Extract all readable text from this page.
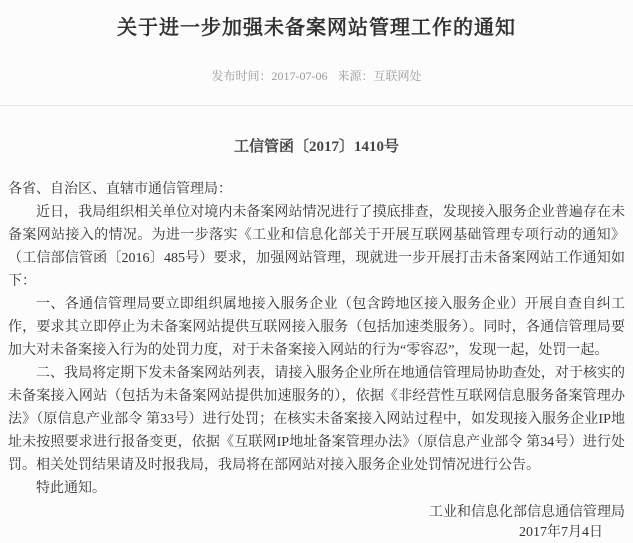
关于进一步加强未备案网站管理工作的通知
发布时间：2017-07-06 来源：互联网处
工信管函〔2017〕1410号

各省、自治区、直辖市通信管理局：

近日，我局组织相关单位对境内未备案网站情况进行了摸底排查，发现接入服务企业普遍存在未备案网站接入的情况。为进一步落实《工业和信息化部关于开展互联网基础管理专项行动的通知》（工信部信管函〔2016〕485号）要求，加强网站管理，现就进一步开展打击未备案网站工作通知如下：

一、各通信管理局要立即组织属地接入服务企业（包含跨地区接入服务企业）开展自查自纠工作，要求其立即停止为未备案网站提供互联网接入服务（包括加速类服务）。同时，各通信管理局要加大对未备案接入行为的处罚力度，对于未备案接入网站的行为“零容忍”，发现一起，处罚一起。

二、我局将定期下发未备案网站列表，请接入服务企业所在地通信管理局协助查处，对于核实的未备案接入网站（包括为未备案网站提供加速服务的），依据《非经营性互联网信息服务备案管理办法》（原信息产业部令 第33号）进行处罚；在核实未备案接入网站过程中，如发现接入服务企业IP地址未按照要求进行报备变更，依据《互联网IP地址备案管理办法》（原信息产业部令 第34号）进行处罚。相关处罚结果请及时报我局，我局将在部网站对接入服务企业处罚情况进行公告。

特此通知。

工业和信息化部信息通信管理局

2017年7月4日
